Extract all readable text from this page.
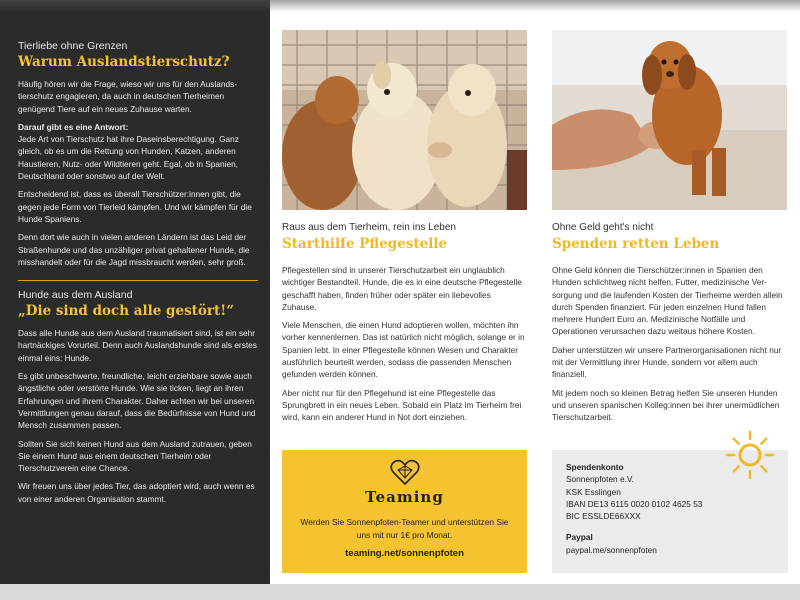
Tierliebe ohne Grenzen

Warum Auslandstierschutz?

Häufig hören wir die Frage, wieso wir uns für den Auslandstierschutz engagieren, da auch in deutschen Tierheimen genügend Tiere auf ein neues Zuhause warten.

Darauf gibt es eine Antwort:
Jede Art von Tierschutz hat ihre Daseinsberechtigung. Ganz gleich, ob es um die Rettung von Hunden, Katzen, anderen Haustieren, Nutz- oder Wildtieren geht. Egal, ob in Spanien, Deutschland oder sonstwo auf der Welt.

Entscheidend ist, dass es überall Tierschützer:innen gibt, die gegen jede Form von Tierleid kämpfen. Und wir kämpfen für die Hunde Spaniens.

Denn dort wie auch in vielen anderen Ländern ist das Leid der Straßenhunde und das unzähliger privat gehaltener Hunde, die misshandelt oder für die Jagd missbraucht werden, sehr groß.

Hunde aus dem Ausland

„Die sind doch alle gestört!“

Dass alle Hunde aus dem Ausland traumatisiert sind, ist ein sehr hartnäckiges Vorurteil. Denn auch Auslandshunde sind als erstes einmal eins: Hunde.

Es gibt unbeschwerte, freundliche, leicht erziehbare sowie auch ängstliche oder verstörte Hunde. Wie sie ticken, liegt an ihren Erfahrungen und ihrem Charakter. Daher achten wir bei unseren Vermittlungen genau darauf, dass die Bedürfnisse von Hund und Mensch zusammen passen.

Sollten Sie sich keinen Hund aus dem Ausland zutrauen, geben Sie einem Hund aus einem deutschen Tierheim oder Tierschutzverein eine Chance.

Wir freuen uns über jedes Tier, das adoptiert wird, auch wenn es von einer anderen Organisation stammt.

Raus aus dem Tierheim, rein ins Leben

Starthilfe Pflegestelle

Pflegestellen sind in unserer Tierschutzarbeit ein unglaublich wichtiger Bestandteil. Hunde, die es in eine deutsche Pflegestelle geschafft haben, finden früher oder später ein liebevolles Zuhause.

Viele Menschen, die einen Hund adoptieren wollen, möchten ihn vorher kennenlernen. Das ist natürlich nicht möglich, solange er in Spanien lebt. In einer Pflegestelle können Wesen und Charakter ausführlich beurteilt werden, sodass die passenden Menschen gefunden werden können.

Aber nicht nur für den Pflegehund ist eine Pflegestelle das Sprungbrett in ein neues Leben. Sobald ein Platz im Tierheim frei wird, kann ein anderer Hund in Not dort einziehen.

Ohne Geld geht's nicht

Spenden retten Leben

Ohne Geld können die Tierschützer:innen in Spanien den Hunden schlichtweg nicht helfen. Futter, medizinische Versorgung und die laufenden Kosten der Tierheime werden allein durch Spenden finanziert. Für jeden einzelnen Hund fallen mehrere Hundert Euro an. Medizinische Notfälle und Operationen verursachen dazu weitaus höhere Kosten.

Daher unterstützen wir unsere Partnerorganisationen nicht nur mit der Vermittlung ihrer Hunde, sondern vor allem auch finanziell.

Mit jedem noch so kleinen Betrag helfen Sie unseren Hunden und unseren spanischen Kolleg:innen bei ihrer unermüdlichen Tierschutzarbeit.

Teaming
Werden Sie Sonnenpfoten-Teamer und unterstützen Sie uns mit nur 1€ pro Monat.
teaming.net/sonnenpfoten
Spendenkonto
Sonnenpfoten e.V.
KSK Esslingen
IBAN DE13 6115 0020 0102 4625 53
BIC ESSLDE66XXX
Paypal
paypal.me/sonnenpfoten
